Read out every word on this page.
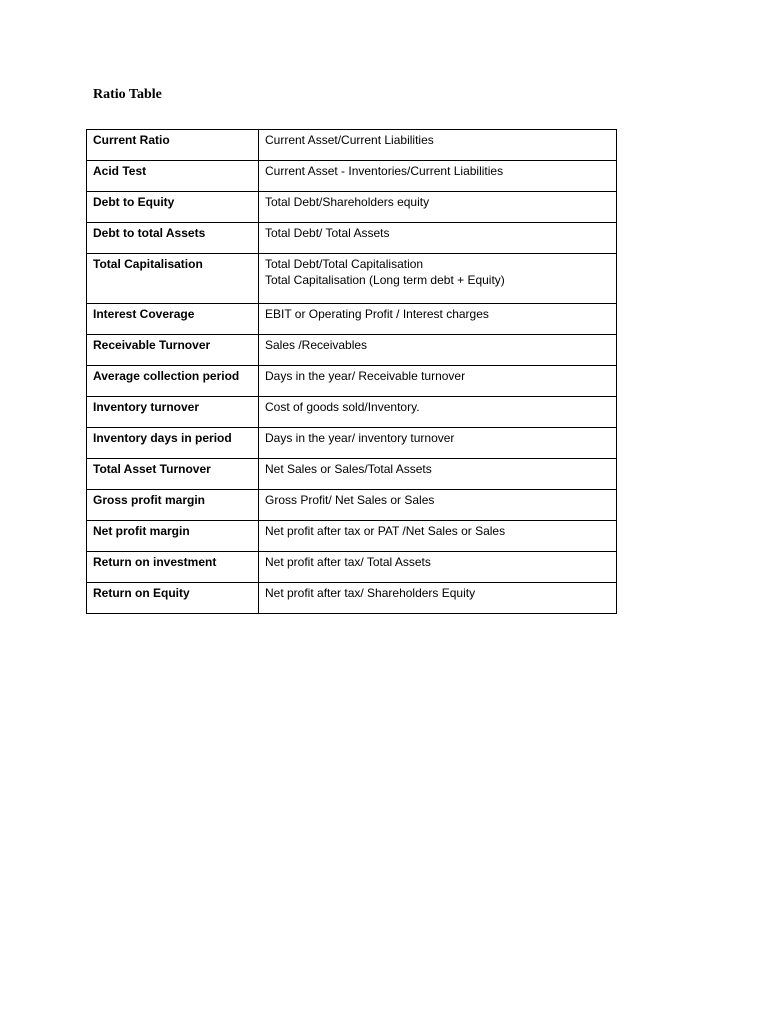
Ratio Table
Current Ratio	Current Asset/Current Liabilities

Acid Test	Current Asset - Inventories/Current Liabilities

Debt to Equity	Total Debt/Shareholders equity

Debt to total Assets	Total Debt/ Total Assets

Total Capitalisation	Total Debt/Total Capitalisation
Total Capitalisation (Long term debt + Equity)

Interest Coverage	EBIT or Operating Profit / Interest charges

Receivable Turnover	Sales /Receivables

Average collection period	Days in the year/ Receivable turnover

Inventory turnover	Cost of goods sold/Inventory.

Inventory days in period	Days in the year/ inventory turnover

Total Asset Turnover	Net Sales or Sales/Total Assets

Gross profit margin	Gross Profit/ Net Sales or Sales

Net profit margin	Net profit after tax or PAT /Net Sales or Sales

Return on investment	Net profit after tax/ Total Assets

Return on Equity	Net profit after tax/ Shareholders Equity
